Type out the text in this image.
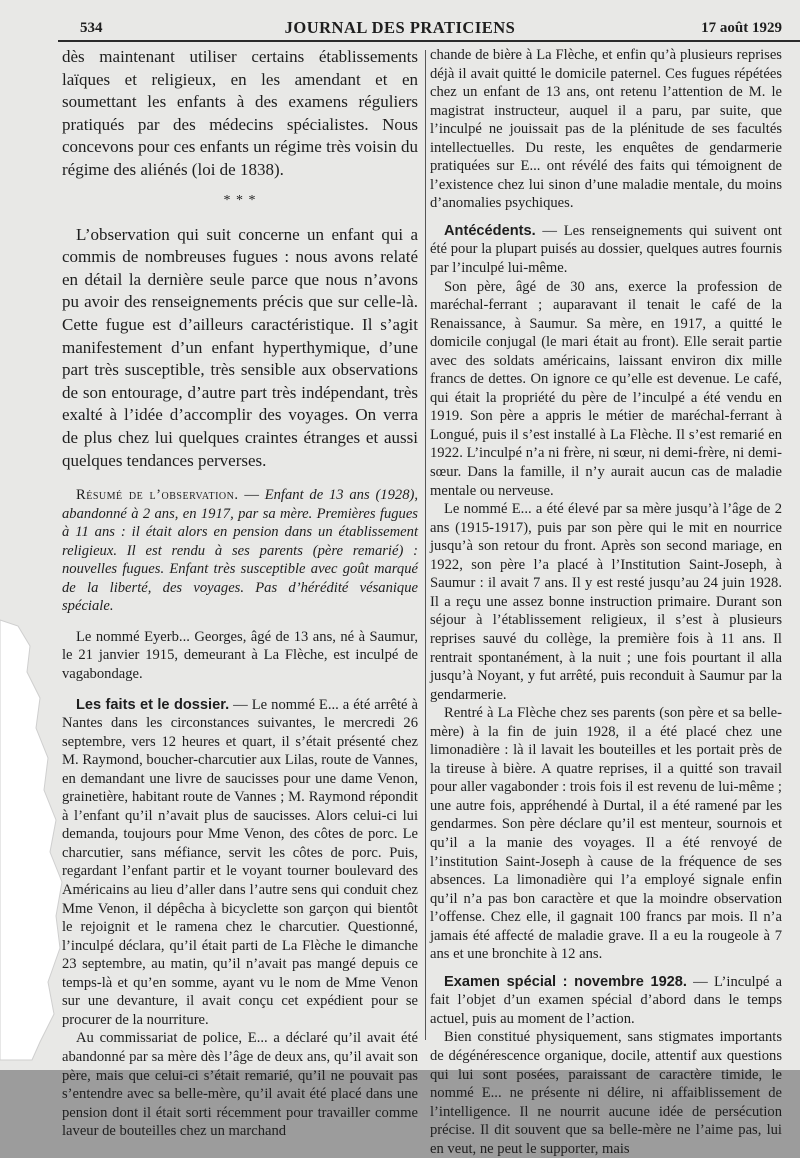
534	JOURNAL DES PRATICIENS	17 août 1929

dès maintenant utiliser certains établissements laïques et religieux, en les amendant et en soumettant les enfants à des examens réguliers pratiqués par des médecins spécialistes. Nous concevons pour ces enfants un régime très voisin du régime des aliénés (loi de 1838).

* * *

L’observation qui suit concerne un enfant qui a commis de nombreuses fugues : nous avons relaté en détail la dernière seule parce que nous n’avons pu avoir des renseignements précis que sur celle-là. Cette fugue est d’ailleurs caractéristique. Il s’agit manifestement d’un enfant hyperthymique, d’une part très susceptible, très sensible aux observations de son entourage, d’autre part très indépendant, très exalté à l’idée d’accomplir des voyages. On verra de plus chez lui quelques craintes étranges et aussi quelques tendances perverses.

Résumé de l’observation. — Enfant de 13 ans (1928), abandonné à 2 ans, en 1917, par sa mère. Premières fugues à 11 ans : il était alors en pension dans un établissement religieux. Il est rendu à ses parents (père remarié) : nouvelles fugues. Enfant très susceptible avec goût marqué de la liberté, des voyages. Pas d’hérédité vésanique spéciale.

Le nommé Eyerb... Georges, âgé de 13 ans, né à Saumur, le 21 janvier 1915, demeurant à La Flèche, est inculpé de vagabondage.

Les faits et le dossier. — Le nommé E... a été arrêté à Nantes dans les circonstances suivantes, le mercredi 26 septembre, vers 12 heures et quart, il s’était présenté chez M. Raymond, boucher-charcutier aux Lilas, route de Vannes, en demandant une livre de saucisses pour une dame Venon, grainetière, habitant route de Vannes ; M. Raymond répondit à l’enfant qu’il n’avait plus de saucisses. Alors celui-ci lui demanda, toujours pour Mme Venon, des côtes de porc. Le charcutier, sans méfiance, servit les côtes de porc. Puis, regardant l’enfant partir et le voyant tourner boulevard des Américains au lieu d’aller dans l’autre sens qui conduit chez Mme Venon, il dépêcha à bicyclette son garçon qui bientôt le rejoignit et le ramena chez le charcutier. Questionné, l’inculpé déclara, qu’il était parti de La Flèche le dimanche 23 septembre, au matin, qu’il n’avait pas mangé depuis ce temps-là et qu’en somme, ayant vu le nom de Mme Venon sur une devanture, il avait conçu cet expédient pour se procurer de la nourriture.

Au commissariat de police, E... a déclaré qu’il avait été abandonné par sa mère dès l’âge de deux ans, qu’il avait son père, mais que celui-ci s’était remarié, qu’il ne pouvait pas s’entendre avec sa belle-mère, qu’il avait été placé dans une pension dont il était sorti récemment pour travailler comme laveur de bouteilles chez un marchand

chande de bière à La Flèche, et enfin qu’à plusieurs reprises déjà il avait quitté le domicile paternel. Ces fugues répétées chez un enfant de 13 ans, ont retenu l’attention de M. le magistrat instructeur, auquel il a paru, par suite, que l’inculpé ne jouissait pas de la plénitude de ses facultés intellectuelles. Du reste, les enquêtes de gendarmerie pratiquées sur E... ont révélé des faits qui témoignent de l’existence chez lui sinon d’une maladie mentale, du moins d’anomalies psychiques.

Antécédents. — Les renseignements qui suivent ont été pour la plupart puisés au dossier, quelques autres fournis par l’inculpé lui-même.

Son père, âgé de 30 ans, exerce la profession de maréchal-ferrant ; auparavant il tenait le café de la Renaissance, à Saumur. Sa mère, en 1917, a quitté le domicile conjugal (le mari était au front). Elle serait partie avec des soldats américains, laissant environ dix mille francs de dettes. On ignore ce qu’elle est devenue. Le café, qui était la propriété du père de l’inculpé a été vendu en 1919. Son père a appris le métier de maréchal-ferrant à Longué, puis il s’est installé à La Flèche. Il s’est remarié en 1922. L’inculpé n’a ni frère, ni sœur, ni demi-frère, ni demi-sœur. Dans la famille, il n’y aurait aucun cas de maladie mentale ou nerveuse.

Le nommé E... a été élevé par sa mère jusqu’à l’âge de 2 ans (1915-1917), puis par son père qui le mit en nourrice jusqu’à son retour du front. Après son second mariage, en 1922, son père l’a placé à l’Institution Saint-Joseph, à Saumur : il avait 7 ans. Il y est resté jusqu’au 24 juin 1928. Il a reçu une assez bonne instruction primaire. Durant son séjour à l’établissement religieux, il s’est à plusieurs reprises sauvé du collège, la première fois à 11 ans. Il rentrait spontanément, à la nuit ; une fois pourtant il alla jusqu’à Noyant, y fut arrêté, puis reconduit à Saumur par la gendarmerie.

Rentré à La Flèche chez ses parents (son père et sa belle-mère) à la fin de juin 1928, il a été placé chez une limonadière : là il lavait les bouteilles et les portait près de la tireuse à bière. A quatre reprises, il a quitté son travail pour aller vagabonder : trois fois il est revenu de lui-même ; une autre fois, appréhendé à Durtal, il a été ramené par les gendarmes. Son père déclare qu’il est menteur, sournois et qu’il a la manie des voyages. Il a été renvoyé de l’institution Saint-Joseph à cause de la fréquence de ses absences. La limonadière qui l’a employé signale enfin qu’il n’a pas bon caractère et que la moindre observation l’offense. Chez elle, il gagnait 100 francs par mois. Il n’a jamais été affecté de maladie grave. Il a eu la rougeole à 7 ans et une bronchite à 12 ans.

Examen spécial : novembre 1928. — L’inculpé a fait l’objet d’un examen spécial d’abord dans le temps actuel, puis au moment de l’action.

Bien constitué physiquement, sans stigmates importants de dégénérescence organique, docile, attentif aux questions qui lui sont posées, paraissant de caractère timide, le nommé E... ne présente ni délire, ni affaiblissement de l’intelligence. Il ne nourrit aucune idée de persécution précise. Il dit souvent que sa belle-mère ne l’aime pas, lui en veut, ne peut le supporter, mais
